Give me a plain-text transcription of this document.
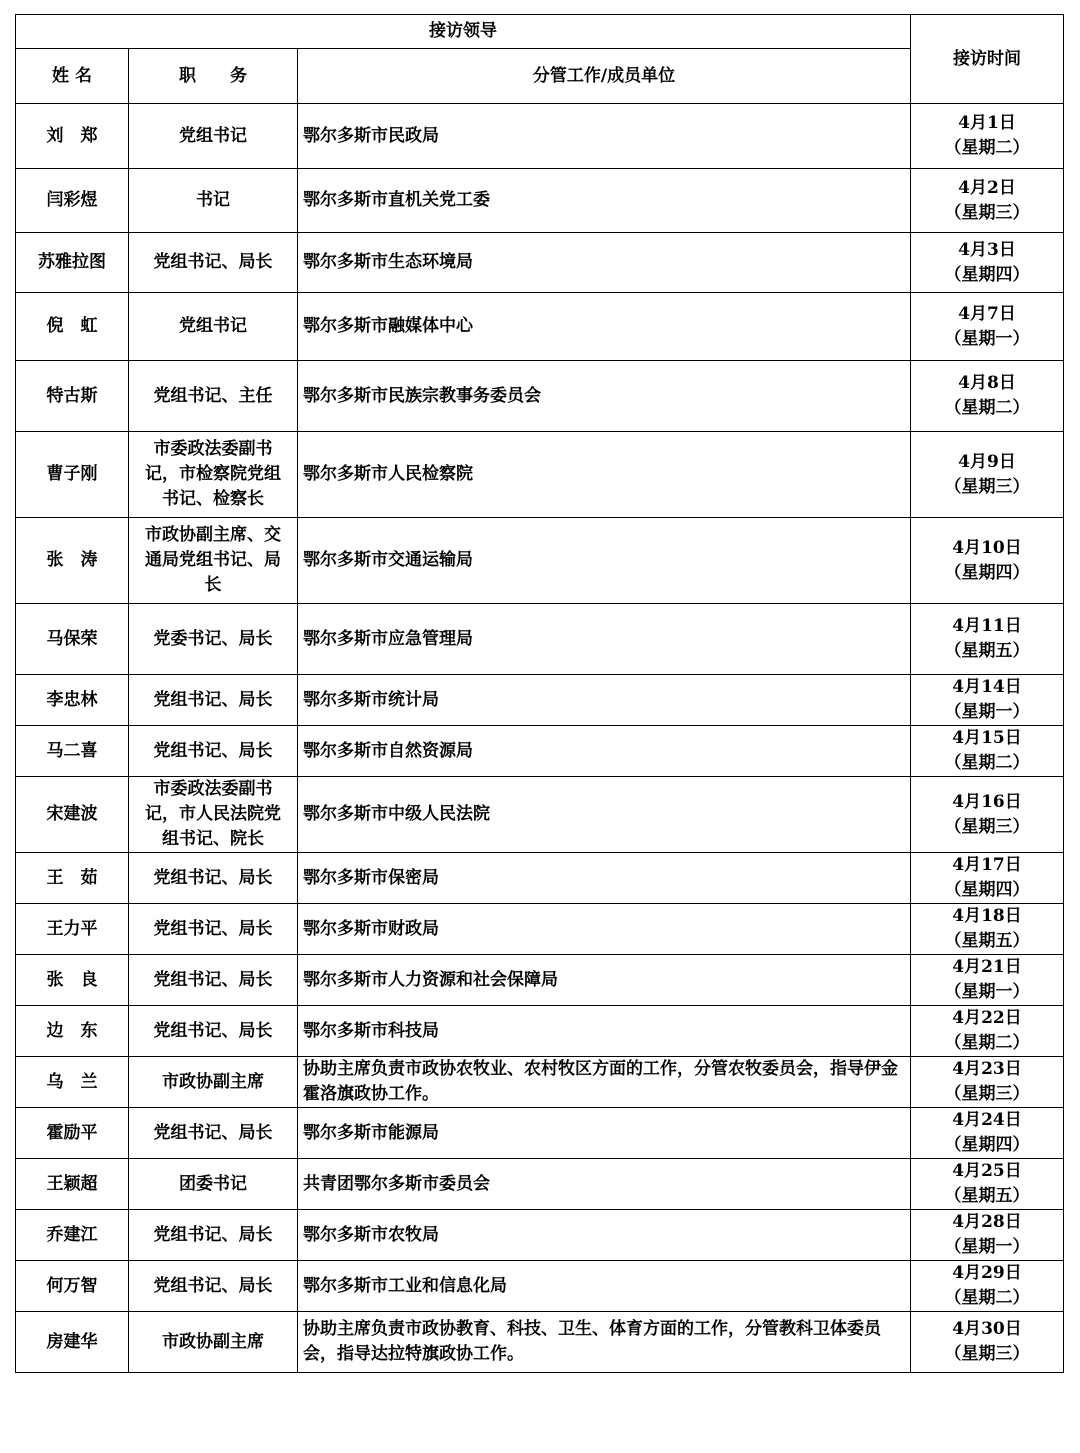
接访领导			接访时间
姓 名	职　　务	分管工作/成员单位	
刘　郑	党组书记	鄂尔多斯市民政局	4月1日
（星期二）
闫彩煜	书记	鄂尔多斯市直机关党工委	4月2日
（星期三）
苏雅拉图	党组书记、局长	鄂尔多斯市生态环境局	4月3日
（星期四）
倪　虹	党组书记	鄂尔多斯市融媒体中心	4月7日
（星期一）
特古斯	党组书记、主任	鄂尔多斯市民族宗教事务委员会	4月8日
（星期二）
曹子刚	市委政法委副书记，市检察院党组书记、检察长	鄂尔多斯市人民检察院	4月9日
（星期三）
张　涛	市政协副主席、交通局党组书记、局长	鄂尔多斯市交通运输局	4月10日
（星期四）
马保荣	党委书记、局长	鄂尔多斯市应急管理局	4月11日
（星期五）
李忠林	党组书记、局长	鄂尔多斯市统计局	4月14日
（星期一）
马二喜	党组书记、局长	鄂尔多斯市自然资源局	4月15日
（星期二）
宋建波	市委政法委副书记，市人民法院党组书记、院长	鄂尔多斯市中级人民法院	4月16日
（星期三）
王　茹	党组书记、局长	鄂尔多斯市保密局	4月17日
（星期四）
王力平	党组书记、局长	鄂尔多斯市财政局	4月18日
（星期五）
张　良	党组书记、局长	鄂尔多斯市人力资源和社会保障局	4月21日
（星期一）
边　东	党组书记、局长	鄂尔多斯市科技局	4月22日
（星期二）
乌　兰	市政协副主席	协助主席负责市政协农牧业、农村牧区方面的工作，分管农牧委员会，指导伊金霍洛旗政协工作。	4月23日
（星期三）
霍励平	党组书记、局长	鄂尔多斯市能源局	4月24日
（星期四）
王颖超	团委书记	共青团鄂尔多斯市委员会	4月25日
（星期五）
乔建江	党组书记、局长	鄂尔多斯市农牧局	4月28日
（星期一）
何万智	党组书记、局长	鄂尔多斯市工业和信息化局	4月29日
（星期二）
房建华	市政协副主席	协助主席负责市政协教育、科技、卫生、体育方面的工作，分管教科卫体委员会，指导达拉特旗政协工作。	4月30日
（星期三）
